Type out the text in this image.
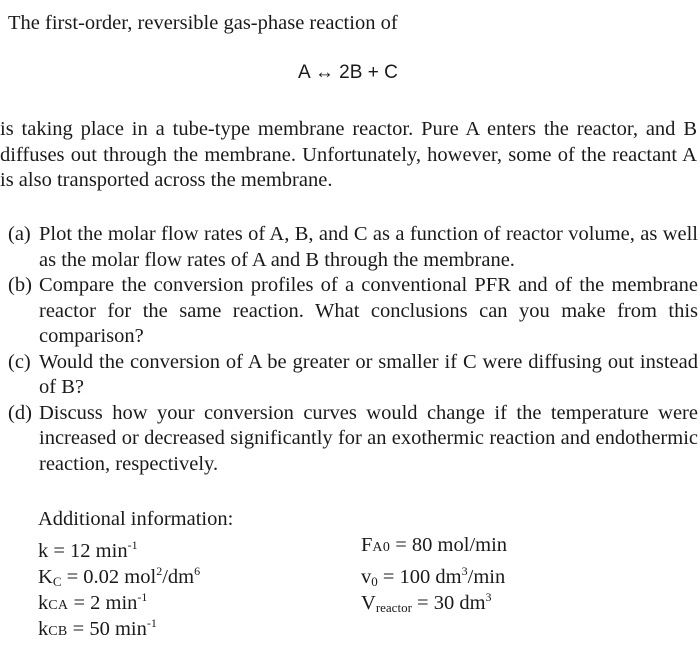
The first-order, reversible gas-phase reaction of
A ↔ 2B + C
is taking place in a tube-type membrane reactor. Pure A enters the reactor, and B diffuses out through the membrane. Unfortunately, however, some of the reactant A is also transported across the membrane.
(a) Plot the molar flow rates of A, B, and C as a function of reactor volume, as well as the molar flow rates of A and B through the membrane.
(b) Compare the conversion profiles of a conventional PFR and of the membrane reactor for the same reaction. What conclusions can you make from this comparison?
(c) Would the conversion of A be greater or smaller if C were diffusing out instead of B?
(d) Discuss how your conversion curves would change if the temperature were increased or decreased significantly for an exothermic reaction and endothermic reaction, respectively.
Additional information:
k = 12 $\min^{-1}$
$K_C = 0.02$ $mol^2/dm^6$
kCA = 2 $\min^{-1}$
kCB = 50 $\min^{-1}$
FA0 = 80 mol/min
$v_0 = 100$ $dm^3/\min$
$V_{reactor} = 30$ $dm^3$
